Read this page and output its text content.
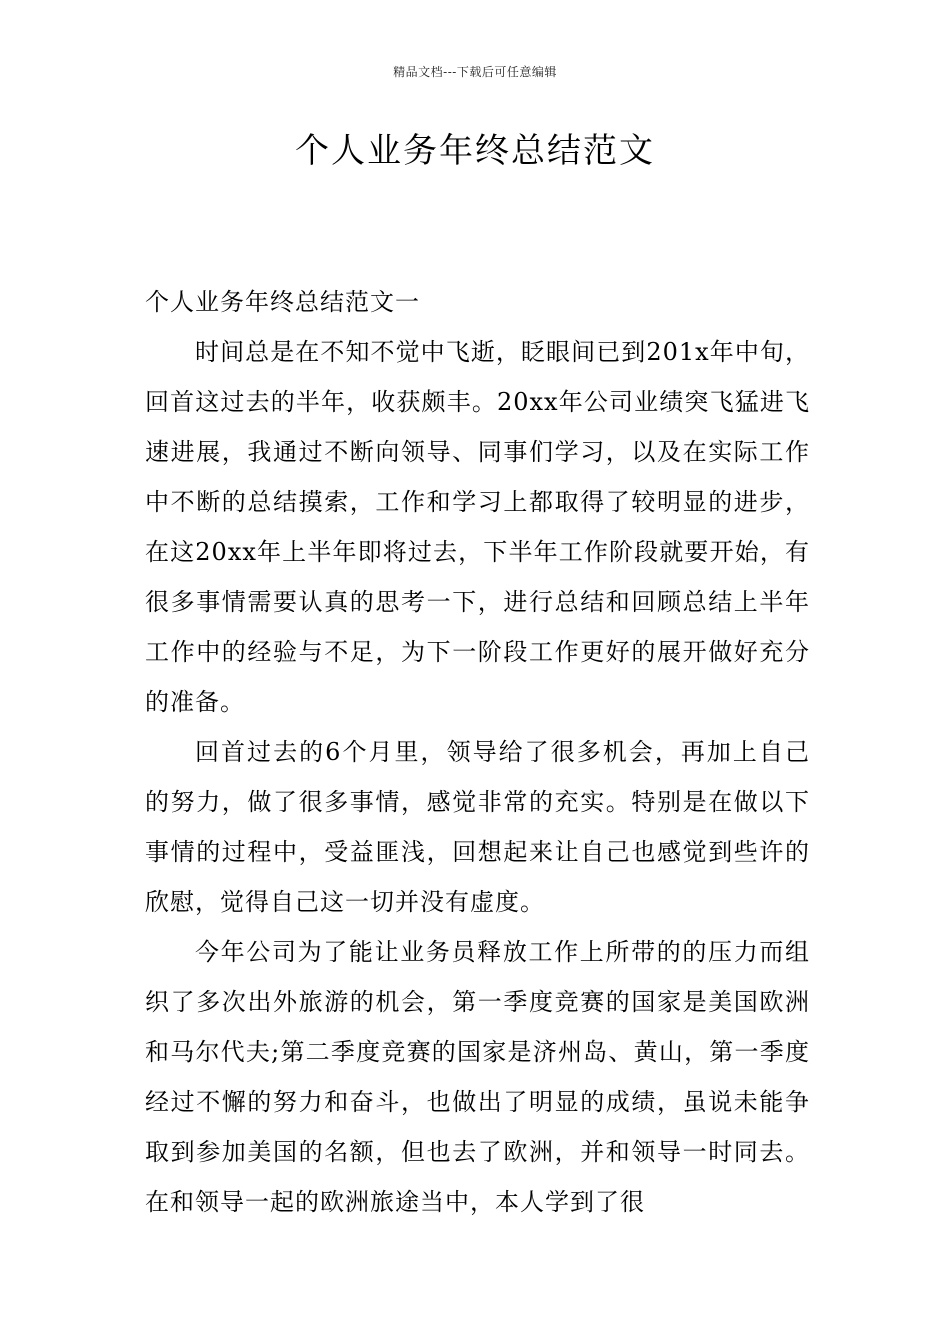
精品文档---下载后可任意编辑
个人业务年终总结范文

个人业务年终总结范文一

时间总是在不知不觉中飞逝，眨眼间已到201x年中旬，回首这过去的半年，收获颇丰。20xx年公司业绩突飞猛进飞速进展，我通过不断向领导、同事们学习，以及在实际工作中不断的总结摸索，工作和学习上都取得了较明显的进步，在这20xx年上半年即将过去，下半年工作阶段就要开始，有很多事情需要认真的思考一下，进行总结和回顾总结上半年工作中的经验与不足，为下一阶段工作更好的展开做好充分的准备。

回首过去的6个月里，领导给了很多机会，再加上自己的努力，做了很多事情，感觉非常的充实。特别是在做以下事情的过程中，受益匪浅，回想起来让自己也感觉到些许的欣慰，觉得自己这一切并没有虚度。

今年公司为了能让业务员释放工作上所带的的压力而组织了多次出外旅游的机会，第一季度竞赛的国家是美国欧洲和马尔代夫;第二季度竞赛的国家是济州岛、黄山，第一季度经过不懈的努力和奋斗，也做出了明显的成绩，虽说未能争取到参加美国的名额，但也去了欧洲，并和领导一时同去。在和领导一起的欧洲旅途当中，本人学到了很
